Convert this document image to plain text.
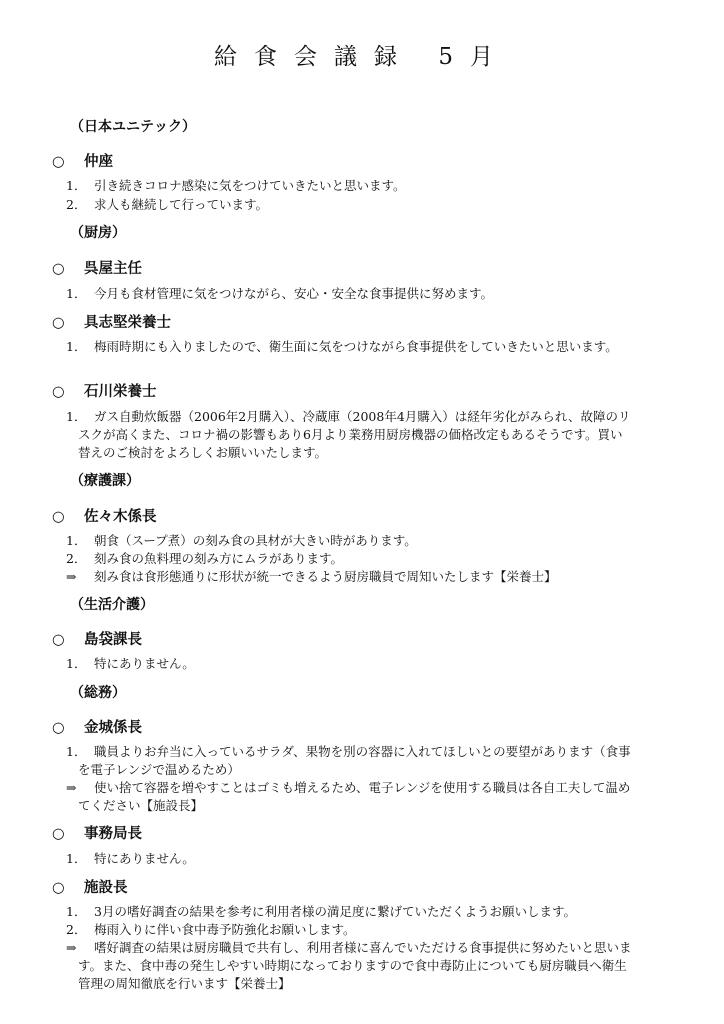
給食会議録 5月
（日本ユニテック）
○ 仲座
1． 引き続きコロナ感染に気をつけていきたいと思います。
2． 求人も継続して行っています。
（厨房）
○ 呉屋主任
1． 今月も食材管理に気をつけながら、安心・安全な食事提供に努めます。
○ 具志堅栄養士
1． 梅雨時期にも入りましたので、衛生面に気をつけながら食事提供をしていきたいと思います。
○ 石川栄養士
1． ガス自動炊飯器（2006年2月購入）、冷蔵庫（2008年4月購入）は経年劣化がみられ、故障のリ
スクが高くまた、コロナ禍の影響もあり6月より業務用厨房機器の価格改定もあるそうです。買い
替えのご検討をよろしくお願いいたします。
（療護課）
○ 佐々木係長
1． 朝食（スープ煮）の刻み食の具材が大きい時があります。
2． 刻み食の魚料理の刻み方にムラがあります。
⇒ 刻み食は食形態通りに形状が統一できるよう厨房職員で周知いたします【栄養士】
（生活介護）
○ 島袋課長
1． 特にありません。
（総務）
○ 金城係長
1． 職員よりお弁当に入っているサラダ、果物を別の容器に入れてほしいとの要望があります（食事
を電子レンジで温めるため）
⇒ 使い捨て容器を増やすことはゴミも増えるため、電子レンジを使用する職員は各自工夫して温め
てください【施設長】
○ 事務局長
1． 特にありません。
○ 施設長
1． 3月の嗜好調査の結果を参考に利用者様の満足度に繋げていただくようお願いします。
2． 梅雨入りに伴い食中毒予防強化お願いします。
⇒ 嗜好調査の結果は厨房職員で共有し、利用者様に喜んでいただける食事提供に努めたいと思いま
す。また、食中毒の発生しやすい時期になっておりますので食中毒防止についても厨房職員へ衛生
管理の周知徹底を行います【栄養士】
